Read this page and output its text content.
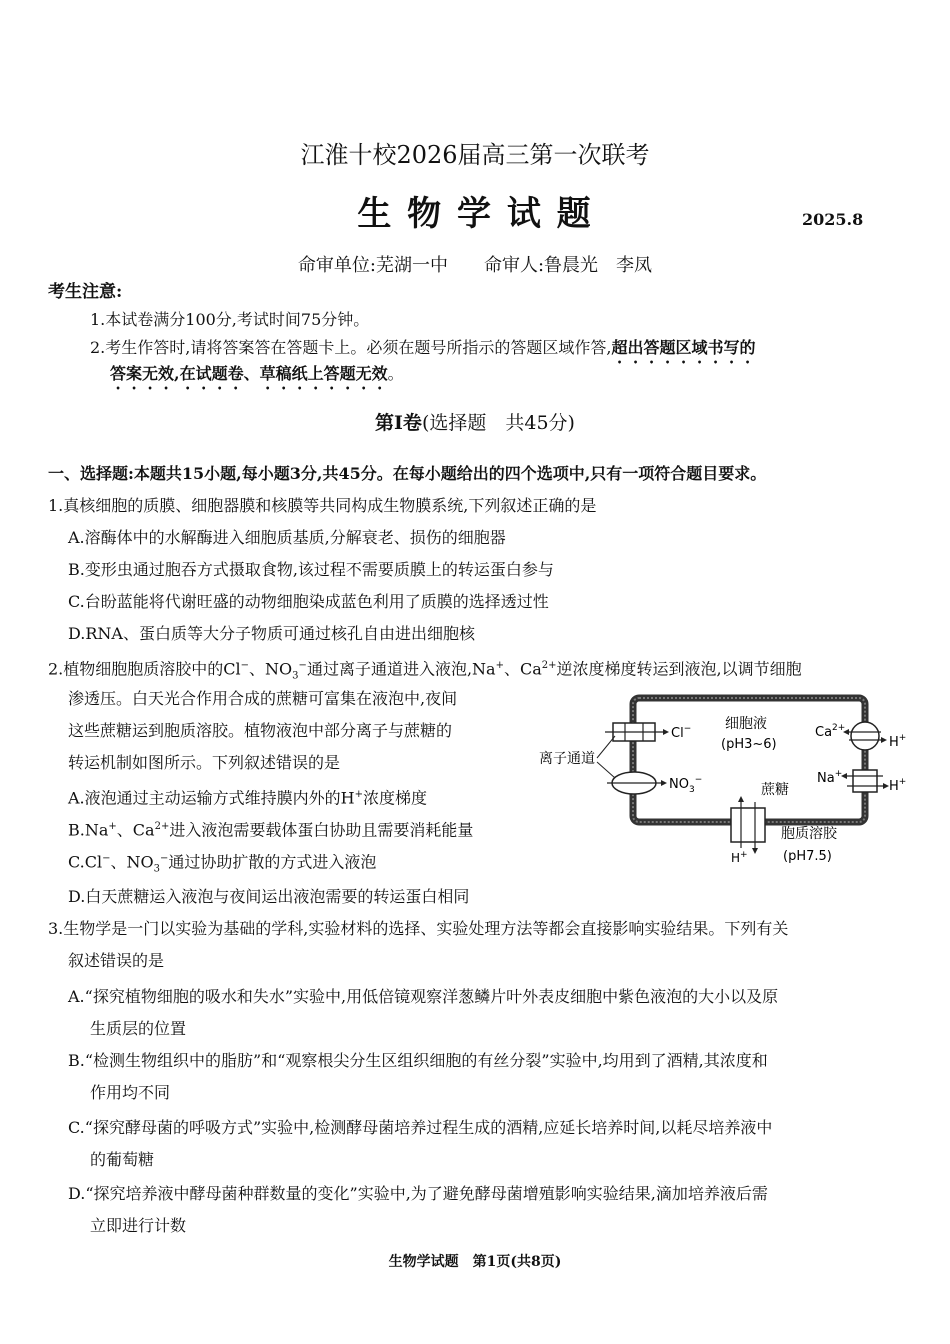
江淮十校2026届高三第一次联考
生 物 学 试 题	2025.8
命审单位:芜湖一中　　命审人:鲁晨光　李凤
考生注意:
1.本试卷满分100分,考试时间75分钟。
2.考生作答时,请将答案答在答题卡上。必须在题号所指示的答题区域作答,超出答题区域书写的
答案无效,在试题卷、草稿纸上答题无效。
第Ⅰ卷(选择题　共45分)
一、选择题:本题共15小题,每小题3分,共45分。在每小题给出的四个选项中,只有一项符合题目要求。
1.真核细胞的质膜、细胞器膜和核膜等共同构成生物膜系统,下列叙述正确的是
A.溶酶体中的水解酶进入细胞质基质,分解衰老、损伤的细胞器
B.变形虫通过胞吞方式摄取食物,该过程不需要质膜上的转运蛋白参与
C.台盼蓝能将代谢旺盛的动物细胞染成蓝色利用了质膜的选择透过性
D.RNA、蛋白质等大分子物质可通过核孔自由进出细胞核
2.植物细胞胞质溶胶中的Cl−、$NO_3^-$通过离子通道进入液泡,Na+、$Ca^{2+}$逆浓度梯度转运到液泡,以调节细胞
渗透压。白天光合作用合成的蔗糖可富集在液泡中,夜间
这些蔗糖运到胞质溶胶。植物液泡中部分离子与蔗糖的
转运机制如图所示。下列叙述错误的是
A.液泡通过主动运输方式维持膜内外的H+浓度梯度
B.Na+、$Ca^{2+}$进入液泡需要载体蛋白协助且需要消耗能量
C.Cl−、$NO_3^-$通过协助扩散的方式进入液泡
D.白天蔗糖运入液泡与夜间运出液泡需要的转运蛋白相同
Cl−
$NO_3^-$
离子通道
细胞液
(pH3~6)
$Ca^{2+}$
H+
Na+
H+
蔗糖
H+
胞质溶胶
(pH7.5)
3.生物学是一门以实验为基础的学科,实验材料的选择、实验处理方法等都会直接影响实验结果。下列有关
叙述错误的是
A.“探究植物细胞的吸水和失水”实验中,用低倍镜观察洋葱鳞片叶外表皮细胞中紫色液泡的大小以及原
生质层的位置
B.“检测生物组织中的脂肪”和“观察根尖分生区组织细胞的有丝分裂”实验中,均用到了酒精,其浓度和
作用均不同
C.“探究酵母菌的呼吸方式”实验中,检测酵母菌培养过程生成的酒精,应延长培养时间,以耗尽培养液中
的葡萄糖
D.“探究培养液中酵母菌种群数量的变化”实验中,为了避免酵母菌增殖影响实验结果,滴加培养液后需
立即进行计数
生物学试题　第1页(共8页)
